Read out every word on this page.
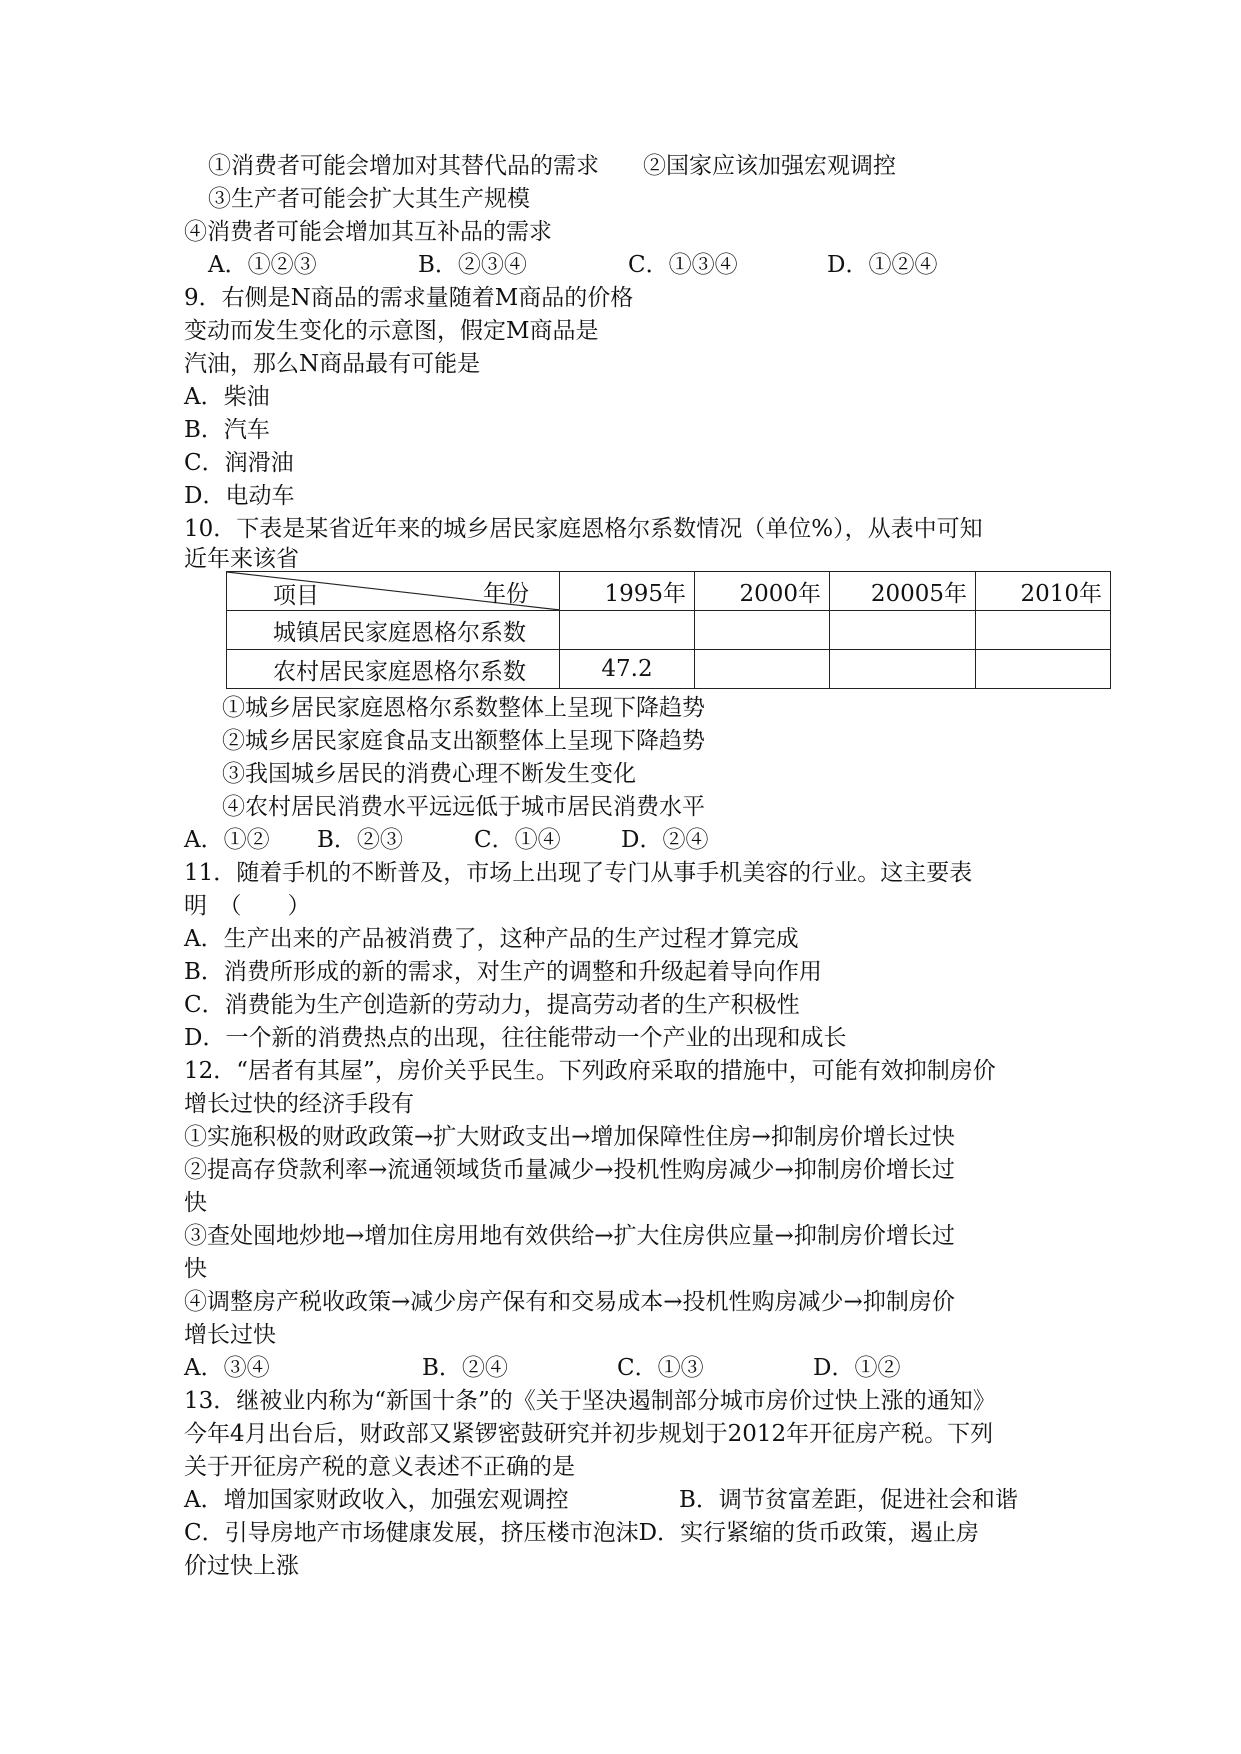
①消费者可能会增加对其替代品的需求 ②国家应该加强宏观调控
③生产者可能会扩大其生产规模
④消费者可能会增加其互补品的需求
A．①②③	B．②③④	C．①③④	D．①②④
9．右侧是N商品的需求量随着M商品的价格
变动而发生变化的示意图，假定M商品是
汽油，那么N商品最有可能是
A．柴油
B．汽车
C．润滑油
D．电动车
10．下表是某省近年来的城乡居民家庭恩格尔系数情况（单位%），从表中可知
近年来该省
项目 年份	1995年	2000年	20005年	2010年
城镇居民家庭恩格尔系数				
农村居民家庭恩格尔系数	47.2			
①城乡居民家庭恩格尔系数整体上呈现下降趋势
②城乡居民家庭食品支出额整体上呈现下降趋势
③我国城乡居民的消费心理不断发生变化
④农村居民消费水平远远低于城市居民消费水平
A．①② B．②③	C．①④	D．②④
11．随着手机的不断普及，市场上出现了专门从事手机美容的行业。这主要表
明　（　　）
A．生产出来的产品被消费了，这种产品的生产过程才算完成
B．消费所形成的新的需求，对生产的调整和升级起着导向作用
C．消费能为生产创造新的劳动力，提高劳动者的生产积极性
D．一个新的消费热点的出现，往往能带动一个产业的出现和成长
12．“居者有其屋”，房价关乎民生。下列政府采取的措施中，可能有效抑制房价
增长过快的经济手段有
①实施积极的财政政策→扩大财政支出→增加保障性住房→抑制房价增长过快
②提高存贷款利率→流通领域货币量减少→投机性购房减少→抑制房价增长过
快
③查处囤地炒地→增加住房用地有效供给→扩大住房供应量→抑制房价增长过
快
④调整房产税收政策→减少房产保有和交易成本→投机性购房减少→抑制房价
增长过快
A．③④	B．②④	C．①③	D．①②
13．继被业内称为“新国十条”的《关于坚决遏制部分城市房价过快上涨的通知》
今年4月出台后，财政部又紧锣密鼓研究并初步规划于2012年开征房产税。下列
关于开征房产税的意义表述不正确的是
A．增加国家财政收入，加强宏观调控	B．调节贫富差距，促进社会和谐
C．引导房地产市场健康发展，挤压楼市泡沫D．实行紧缩的货币政策，遏止房
价过快上涨
